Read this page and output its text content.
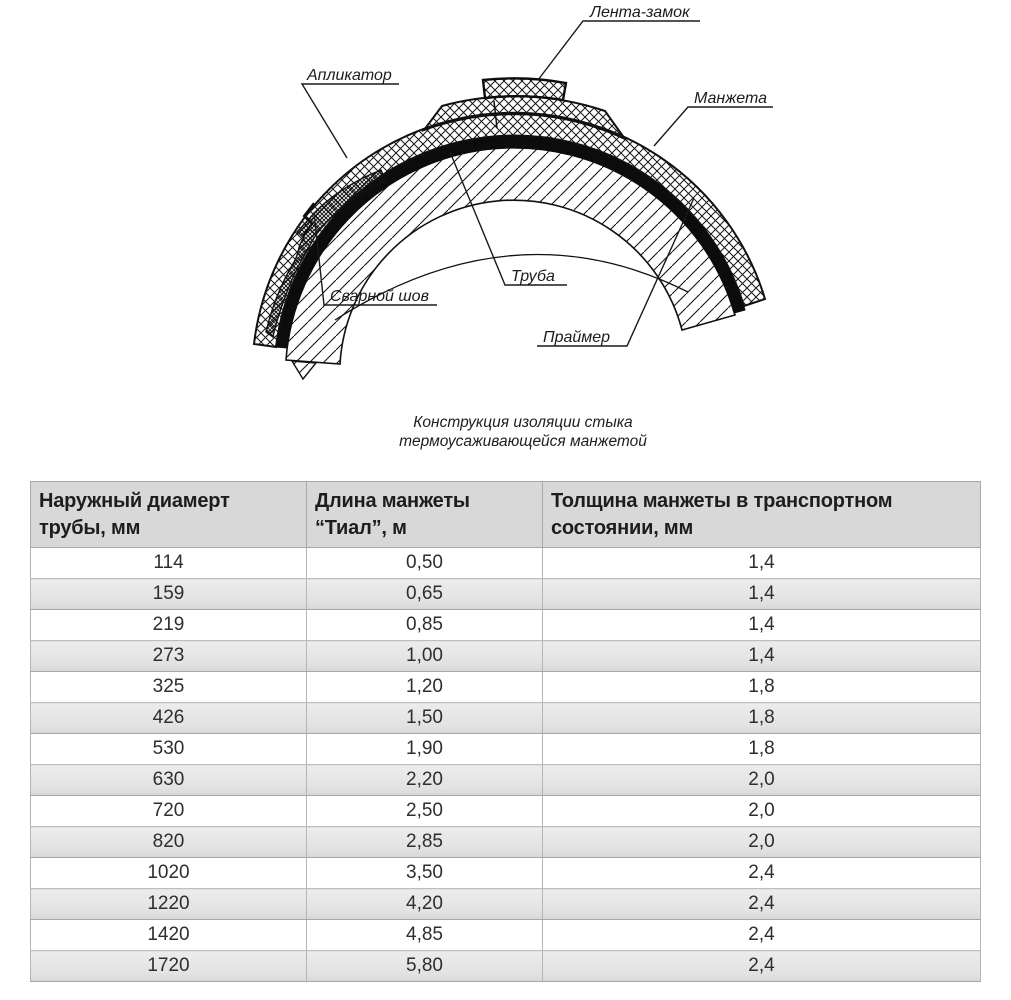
Лента-замок
Апликатор
Манжета
Труба
Сварной шов
Праймер
Конструкция изоляции стыка
термоусаживающейся манжетой
Наружный диамерт трубы, мм	Длина манжеты “Тиал”, м	Толщина манжеты в транспортном состоянии, мм
114	0,50	1,4
159	0,65	1,4
219	0,85	1,4
273	1,00	1,4
325	1,20	1,8
426	1,50	1,8
530	1,90	1,8
630	2,20	2,0
720	2,50	2,0
820	2,85	2,0
1020	3,50	2,4
1220	4,20	2,4
1420	4,85	2,4
1720	5,80	2,4
